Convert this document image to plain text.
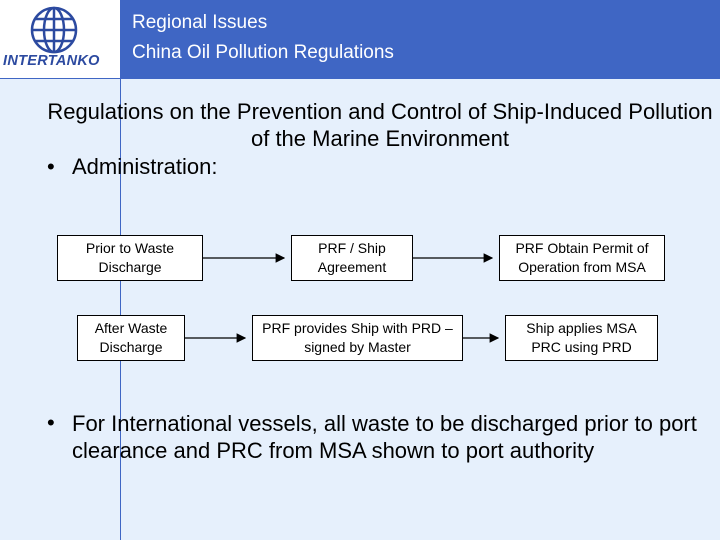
INTERTANKO
Regional Issues
China Oil Pollution Regulations
Regulations on the Prevention and Control of Ship-Induced Pollution of the Marine Environment
• Administration:
Prior to Waste Discharge
PRF / Ship Agreement
PRF Obtain Permit of Operation from MSA
After Waste Discharge
PRF provides Ship with PRD – signed by Master
Ship applies MSA PRC using PRD
• For International vessels, all waste to be discharged prior to port clearance and PRC from MSA shown to port authority
